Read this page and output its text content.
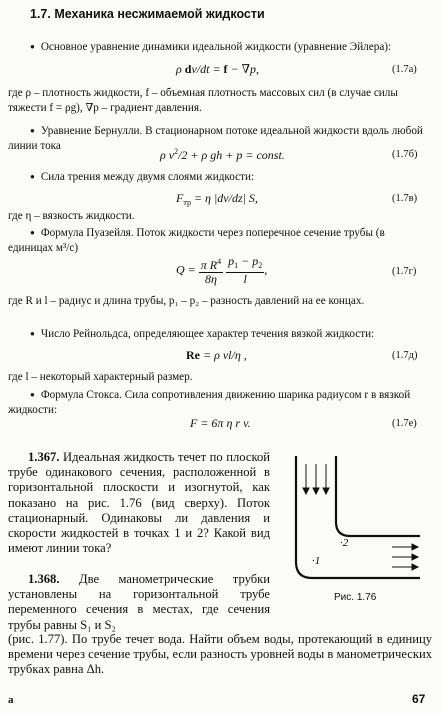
1.7. Механика несжимаемой жидкости
● Основное уравнение динамики идеальной жидкости (уравнение Эйлера):
ρ dv/dt = f − ∇p,	(1.7а)
где ρ – плотность жидкости, f – объемная плотность массовых сил (в случае силы тяжести f = ρg), ∇p – градиент давления.
● Уравнение Бернулли. В стационарном потоке идеальной жидкости вдоль любой линии тока
ρ $v^2/2 + \rho$ gh + p = const.	(1.7б)
● Сила трения между двумя слоями жидкости:
$F_{тр} = \eta$ |dv/dz| S,	(1.7в)
где η – вязкость жидкости.
● Формула Пуазейля. Поток жидкости через поперечное сечение трубы (в единицах м³/с)
$Q = \frac{\pi R^4}{8\eta}$
$\frac{p_1 - p_2}{l}$ ,	(1.7г)
где R и l – радиус и длина трубы, p₁ – p₂ – разность давлений на ее концах.
● Число Рейнольдса, определяющее характер течения вязкой жидкости:
Re = ρ vl/η ,	(1.7д)
где l – некоторый характерный размер.
● Формула Стокса. Сила сопротивления движению шарика радиусом r в вязкой жидкости:
F = 6π η r v.	(1.7е)
1.367. Идеальная жидкость течет по плоской трубе одинакового сечения, расположенной в горизонтальной плоскости и изогнутой, как показано на рис. 1.76 (вид сверху). Поток стационарный. Одинаковы ли давления и скорости жидкостей в точках 1 и 2? Какой вид имеют линии тока?
1.368. Две манометрические трубки установлены на горизонтальной трубе переменного сечения в местах, где сечения трубы равны S₁ и S₂
(рис. 1.77). По трубе течет вода. Найти объем воды, протекающий в единицу времени через сечение трубы, если разность уровней воды в манометрических трубках равна Δh.
·2
·1
Рис. 1.76
a	67
